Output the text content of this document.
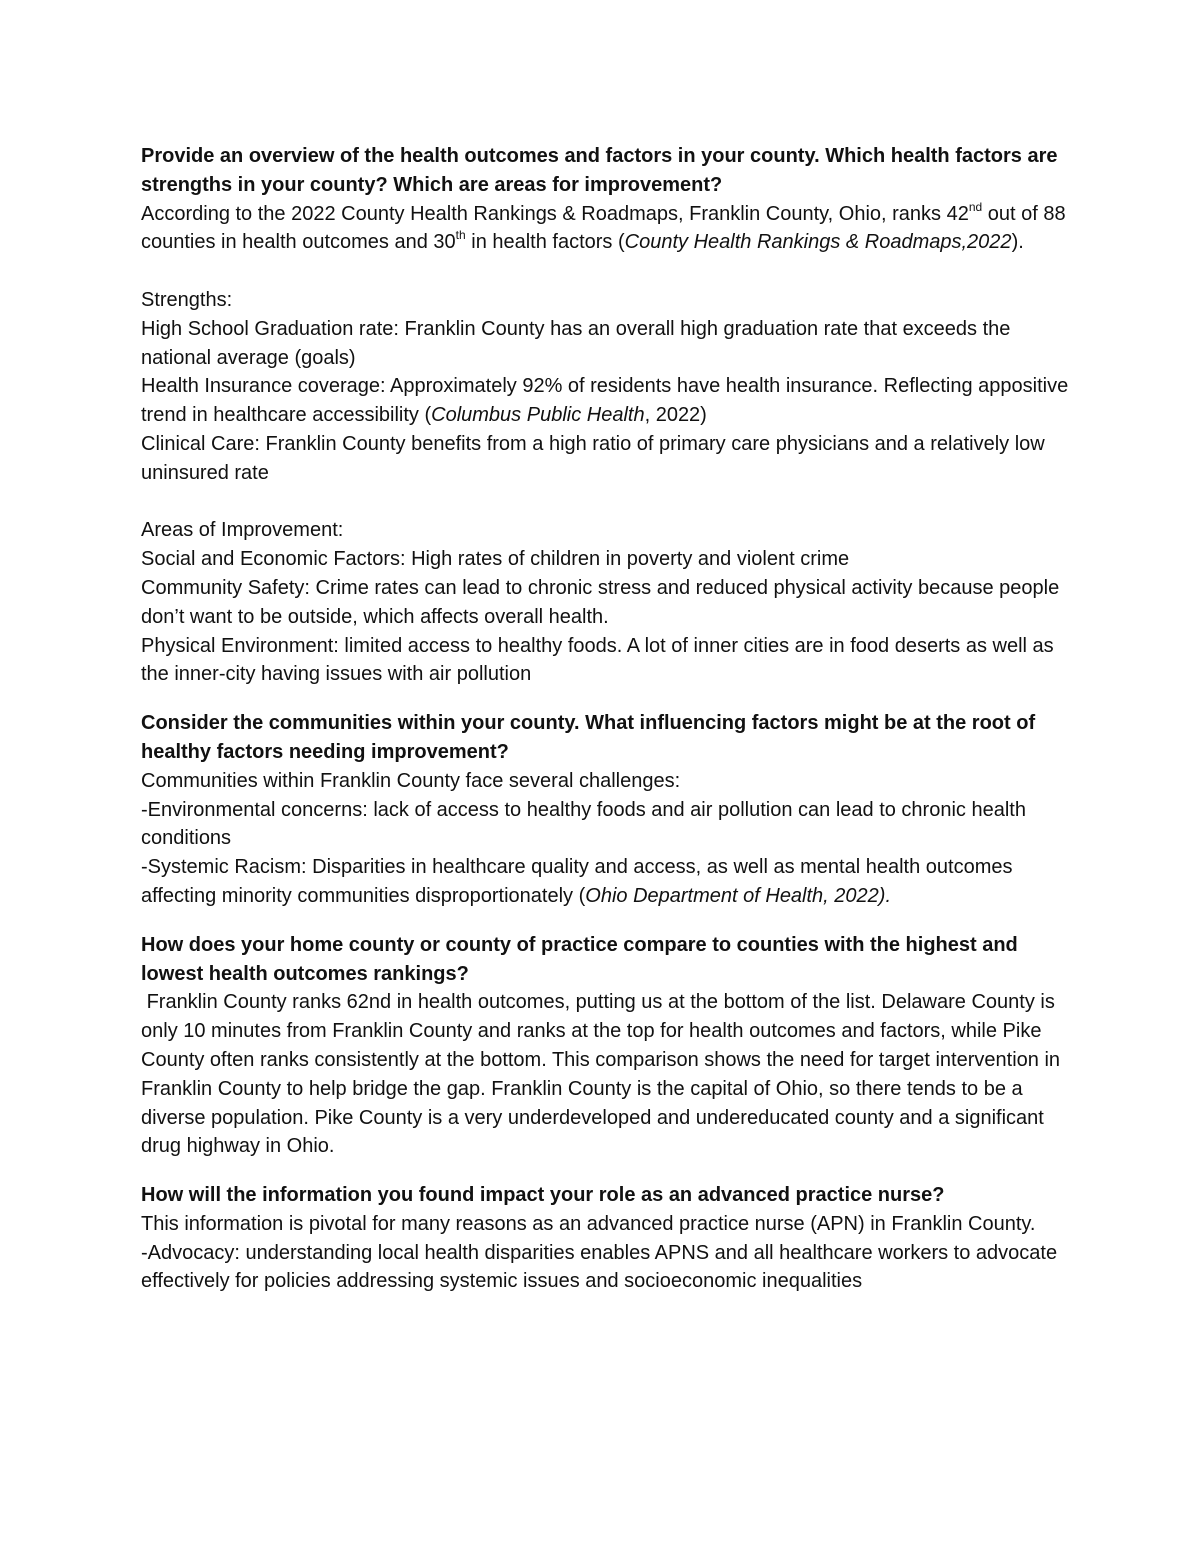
Provide an overview of the health outcomes and factors in your county. Which health factors are strengths in your county? Which are areas for improvement?

According to the 2022 County Health Rankings & Roadmaps, Franklin County, Ohio, ranks 42nd out of 88 counties in health outcomes and 30th in health factors (County Health Rankings & Roadmaps,2022).

Strengths:

High School Graduation rate: Franklin County has an overall high graduation rate that exceeds the national average (goals)

Health Insurance coverage: Approximately 92% of residents have health insurance. Reflecting appositive trend in healthcare accessibility (Columbus Public Health, 2022)

Clinical Care: Franklin County benefits from a high ratio of primary care physicians and a relatively low uninsured rate

Areas of Improvement:

Social and Economic Factors: High rates of children in poverty and violent crime

Community Safety: Crime rates can lead to chronic stress and reduced physical activity because people don’t want to be outside, which affects overall health.

Physical Environment: limited access to healthy foods. A lot of inner cities are in food deserts as well as the inner-city having issues with air pollution

Consider the communities within your county. What influencing factors might be at the root of healthy factors needing improvement?

Communities within Franklin County face several challenges:

-Environmental concerns: lack of access to healthy foods and air pollution can lead to chronic health conditions

-Systemic Racism: Disparities in healthcare quality and access, as well as mental health outcomes affecting minority communities disproportionately (Ohio Department of Health, 2022).

How does your home county or county of practice compare to counties with the highest and lowest health outcomes rankings?

Franklin County ranks 62nd in health outcomes, putting us at the bottom of the list. Delaware County is only 10 minutes from Franklin County and ranks at the top for health outcomes and factors, while Pike County often ranks consistently at the bottom. This comparison shows the need for target intervention in Franklin County to help bridge the gap. Franklin County is the capital of Ohio, so there tends to be a diverse population. Pike County is a very underdeveloped and undereducated county and a significant drug highway in Ohio.

How will the information you found impact your role as an advanced practice nurse?

This information is pivotal for many reasons as an advanced practice nurse (APN) in Franklin County.

-Advocacy: understanding local health disparities enables APNS and all healthcare workers to advocate effectively for policies addressing systemic issues and socioeconomic inequalities
